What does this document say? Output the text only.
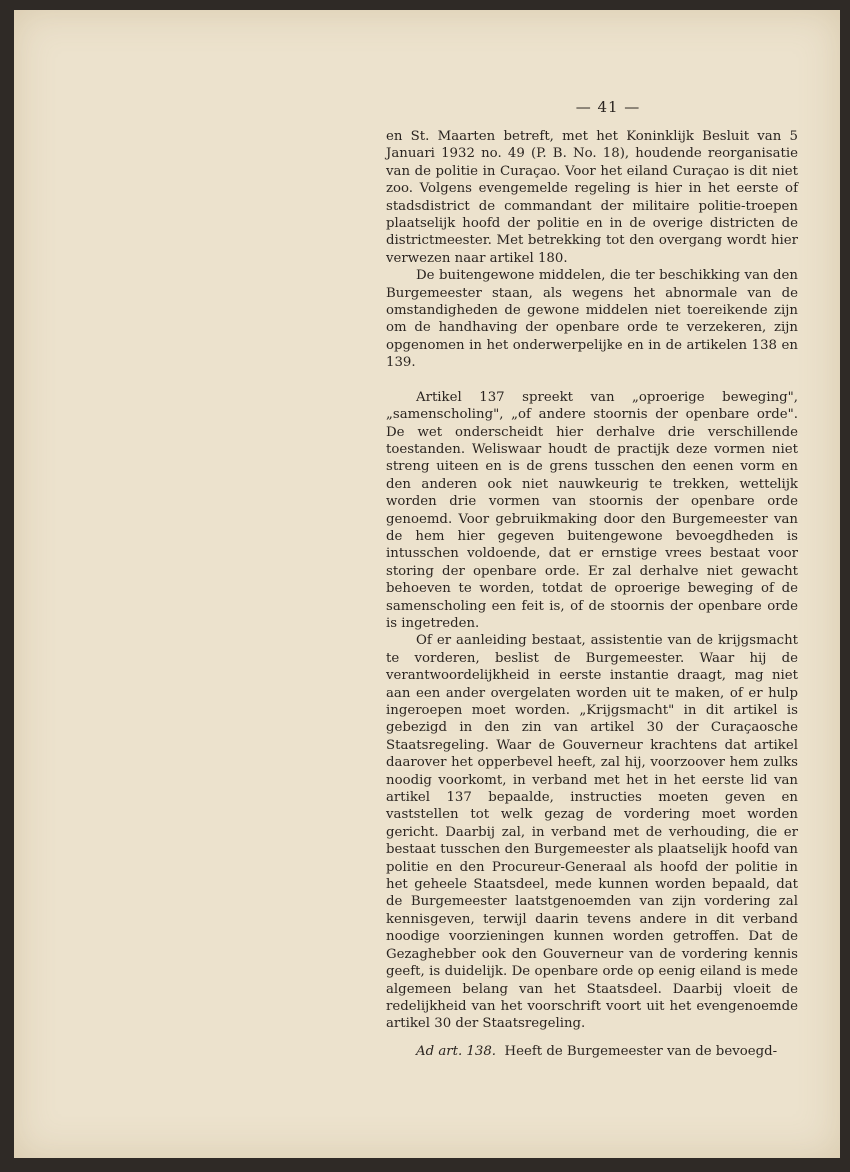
— 41 —

en St. Maarten betreft, met het Koninklijk Besluit van 5 Januari 1932 no. 49 (P. B. No. 18), houdende reorganisatie van de politie in Curaçao. Voor het eiland Curaçao is dit niet zoo. Volgens evengemelde regeling is hier in het eerste of stadsdistrict de commandant der militaire politie-troepen plaatselijk hoofd der politie en in de overige districten de districtmeester. Met betrekking tot den overgang wordt hier verwezen naar artikel 180.

De buitengewone middelen, die ter beschikking van den Burgemeester staan, als wegens het abnormale van de omstandigheden de gewone middelen niet toereikende zijn om de handhaving der openbare orde te verzekeren, zijn opgenomen in het onderwerpelijke en in de artikelen 138 en 139.

Artikel 137 spreekt van „oproerige beweging", „samenscholing", „of andere stoornis der openbare orde". De wet onderscheidt hier derhalve drie verschillende toestanden. Weliswaar houdt de practijk deze vormen niet streng uiteen en is de grens tusschen den eenen vorm en den anderen ook niet nauwkeurig te trekken, wettelijk worden drie vormen van stoornis der openbare orde genoemd. Voor gebruikmaking door den Burgemeester van de hem hier gegeven buitengewone bevoegdheden is intusschen voldoende, dat er ernstige vrees bestaat voor storing der openbare orde. Er zal derhalve niet gewacht behoeven te worden, totdat de oproerige beweging of de samenscholing een feit is, of de stoornis der openbare orde is ingetreden.

Of er aanleiding bestaat, assistentie van de krijgsmacht te vorderen, beslist de Burgemeester. Waar hij de verantwoordelijkheid in eerste instantie draagt, mag niet aan een ander overgelaten worden uit te maken, of er hulp ingeroepen moet worden. „Krijgsmacht" in dit artikel is gebezigd in den zin van artikel 30 der Curaçaosche Staatsregeling. Waar de Gouverneur krachtens dat artikel daarover het opperbevel heeft, zal hij, voorzoover hem zulks noodig voorkomt, in verband met het in het eerste lid van artikel 137 bepaalde, instructies moeten geven en vaststellen tot welk gezag de vordering moet worden gericht. Daarbij zal, in verband met de verhouding, die er bestaat tusschen den Burgemeester als plaatselijk hoofd van politie en den Procureur-Generaal als hoofd der politie in het geheele Staatsdeel, mede kunnen worden bepaald, dat de Burgemeester laatstgenoemden van zijn vordering zal kennisgeven, terwijl daarin tevens andere in dit verband noodige voorzieningen kunnen worden getroffen. Dat de Gezaghebber ook den Gouverneur van de vordering kennis geeft, is duidelijk. De openbare orde op eenig eiland is mede algemeen belang van het Staatsdeel. Daarbij vloeit de redelijkheid van het voorschrift voort uit het evengenoemde artikel 30 der Staatsregeling.

Ad art. 138. Heeft de Burgemeester van de bevoegd-
